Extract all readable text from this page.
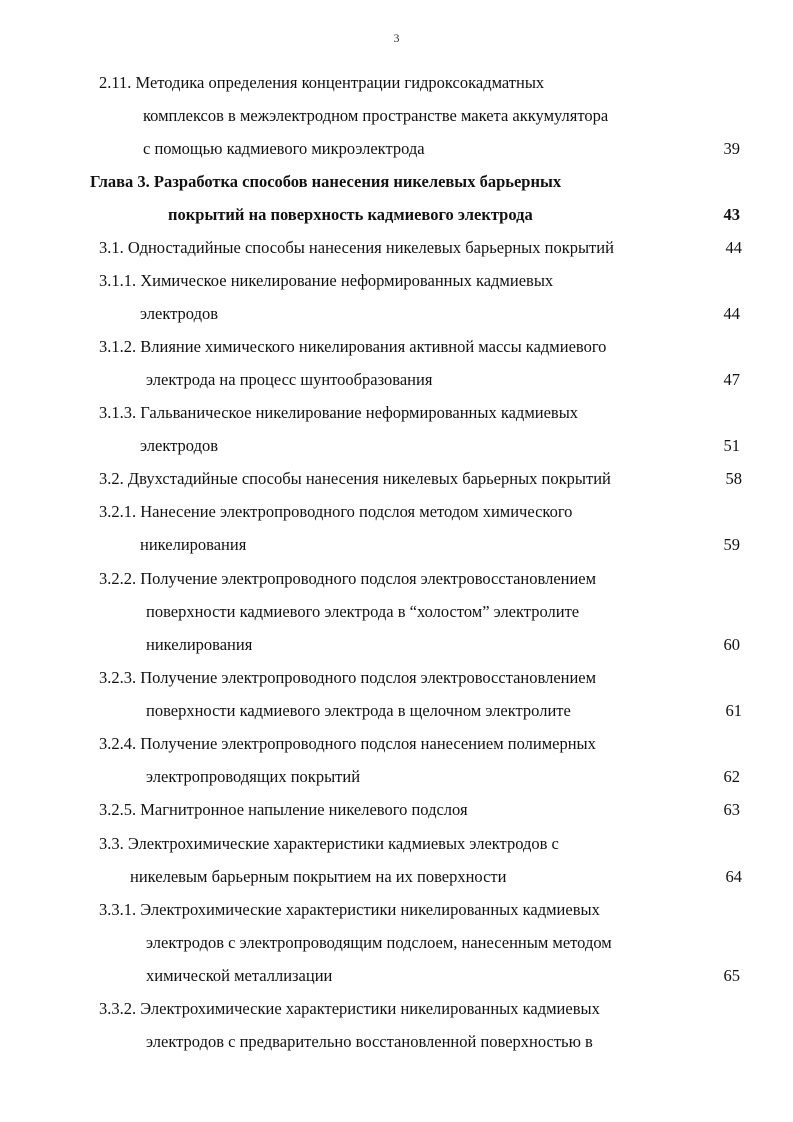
3
2.11. Методика определения концентрации гидроксокадматных
комплексов в межэлектродном пространстве макета аккумулятора
с помощью кадмиевого микроэлектрода	39
Глава 3. Разработка способов нанесения никелевых барьерных
покрытий на поверхность кадмиевого электрода	43
3.1. Одностадийные способы нанесения никелевых барьерных покрытий	44
3.1.1. Химическое никелирование неформированных кадмиевых
электродов	44
3.1.2. Влияние химического никелирования активной массы кадмиевого
электрода на процесс шунтообразования	47
3.1.3. Гальваническое никелирование неформированных кадмиевых
электродов	51
3.2. Двухстадийные способы нанесения никелевых барьерных покрытий	58
3.2.1. Нанесение электропроводного подслоя методом химического
никелирования	59
3.2.2. Получение электропроводного подслоя электровосстановлением
поверхности кадмиевого электрода в “холостом” электролите
никелирования	60
3.2.3. Получение электропроводного подслоя электровосстановлением
поверхности кадмиевого электрода в щелочном электролите	61
3.2.4. Получение электропроводного подслоя нанесением полимерных
электропроводящих покрытий	62
3.2.5. Магнитронное напыление никелевого подслоя	63
3.3. Электрохимические характеристики кадмиевых электродов с
никелевым барьерным покрытием на их поверхности	64
3.3.1. Электрохимические характеристики никелированных кадмиевых
электродов с электропроводящим подслоем, нанесенным методом
химической металлизации	65
3.3.2. Электрохимические характеристики никелированных кадмиевых
электродов с предварительно восстановленной поверхностью в
